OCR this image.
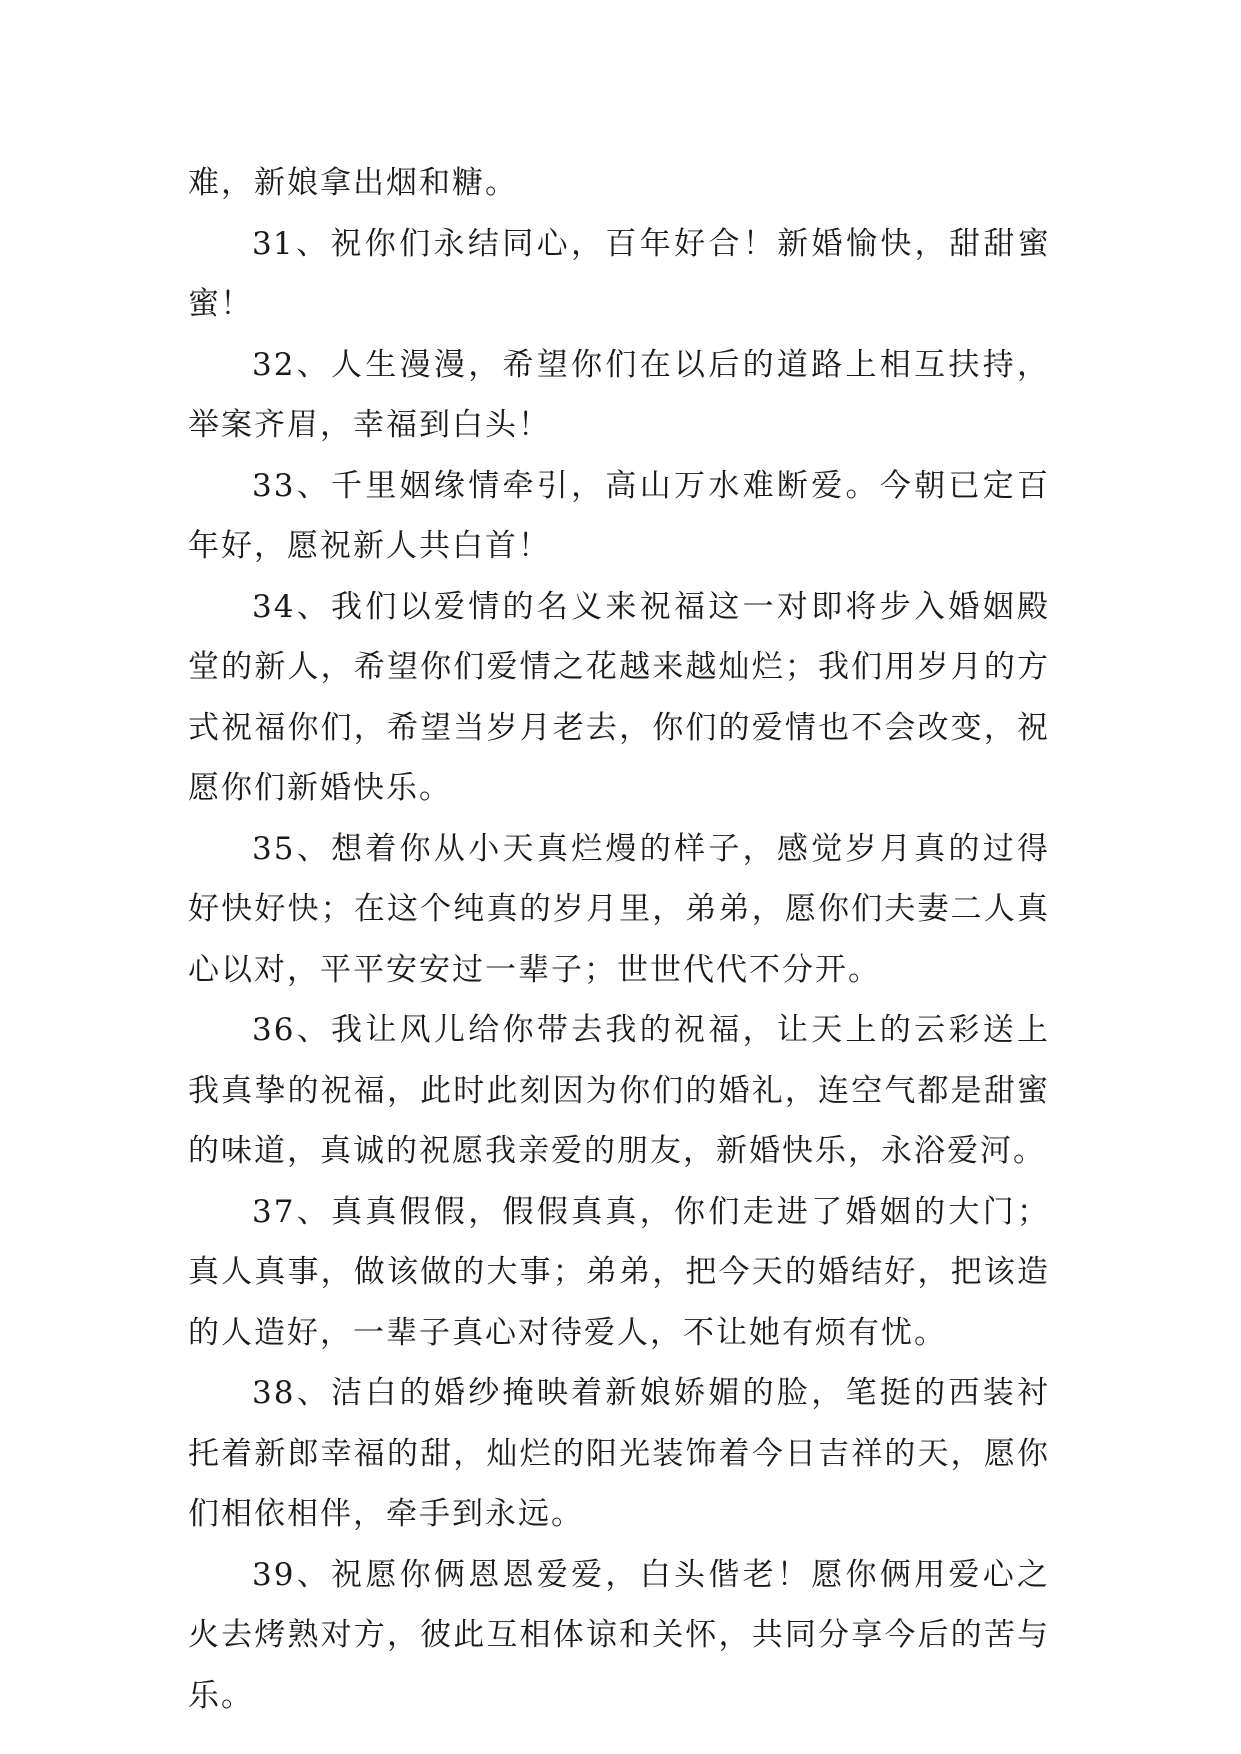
难，新娘拿出烟和糖。

31、祝你们永结同心，百年好合！新婚愉快，甜甜蜜蜜！

32、人生漫漫，希望你们在以后的道路上相互扶持，举案齐眉，幸福到白头！

33、千里姻缘情牵引，高山万水难断爱。今朝已定百年好，愿祝新人共白首！

34、我们以爱情的名义来祝福这一对即将步入婚姻殿堂的新人，希望你们爱情之花越来越灿烂；我们用岁月的方式祝福你们，希望当岁月老去，你们的爱情也不会改变，祝愿你们新婚快乐。

35、想着你从小天真烂熳的样子，感觉岁月真的过得好快好快；在这个纯真的岁月里，弟弟，愿你们夫妻二人真心以对，平平安安过一辈子；世世代代不分开。

36、我让风儿给你带去我的祝福，让天上的云彩送上我真挚的祝福，此时此刻因为你们的婚礼，连空气都是甜蜜的味道，真诚的祝愿我亲爱的朋友，新婚快乐，永浴爱河。

37、真真假假，假假真真，你们走进了婚姻的大门；真人真事，做该做的大事；弟弟，把今天的婚结好，把该造的人造好，一辈子真心对待爱人，不让她有烦有忧。

38、洁白的婚纱掩映着新娘娇媚的脸，笔挺的西装衬托着新郎幸福的甜，灿烂的阳光装饰着今日吉祥的天，愿你们相依相伴，牵手到永远。

39、祝愿你俩恩恩爱爱，白头偕老！愿你俩用爱心之火去烤熟对方，彼此互相体谅和关怀，共同分享今后的苦与乐。
